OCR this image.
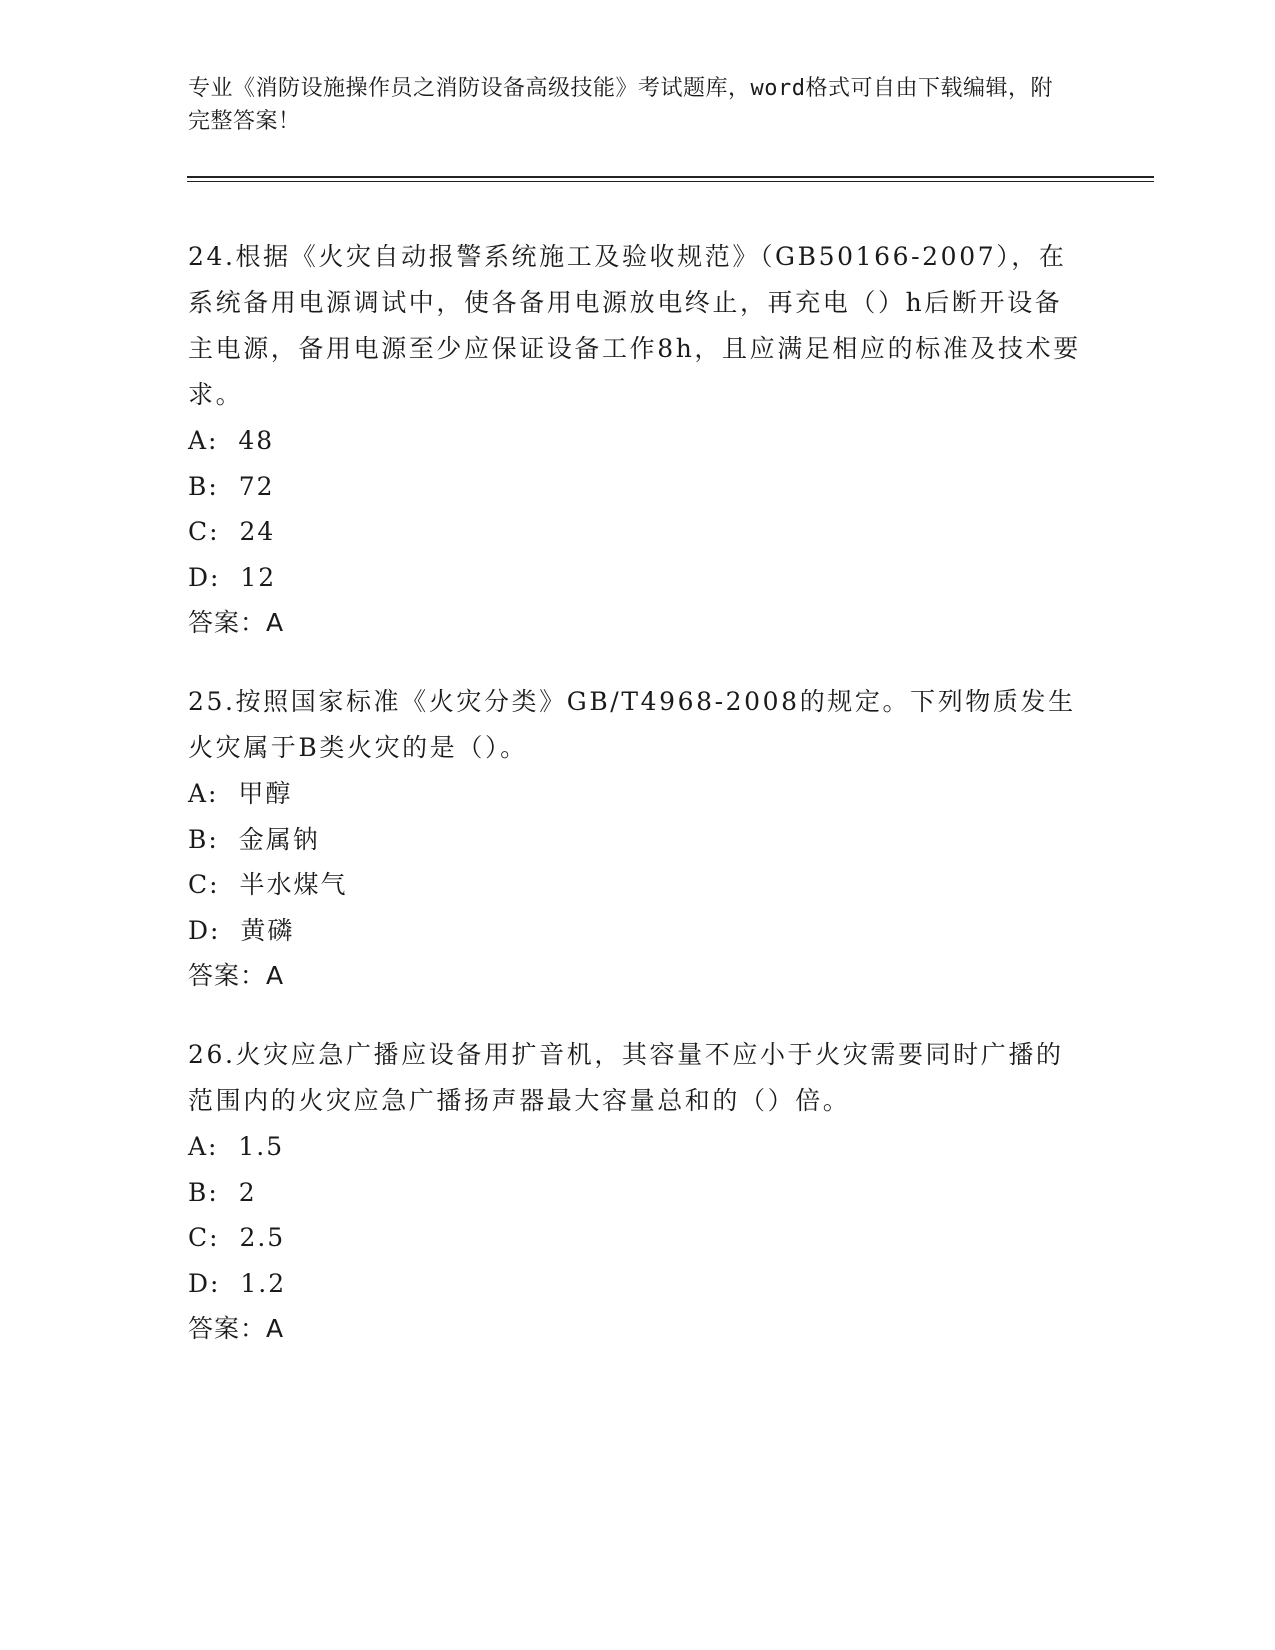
专业《消防设施操作员之消防设备高级技能》考试题库，word格式可自由下载编辑，附完整答案！

24.根据《火灾自动报警系统施工及验收规范》（GB50166-2007），在系统备用电源调试中，使各备用电源放电终止，再充电（）h后断开设备主电源，备用电源至少应保证设备工作8h，且应满足相应的标准及技术要求。

A:  48

B:  72

C:  24

D:  12

答案：A

25.按照国家标准《火灾分类》GB/T4968-2008的规定。下列物质发生火灾属于B类火灾的是（）。

A:  甲醇

B:  金属钠

C:  半水煤气

D:  黄磷

答案：A

26.火灾应急广播应设备用扩音机，其容量不应小于火灾需要同时广播的范围内的火灾应急广播扬声器最大容量总和的（）倍。

A:  1.5

B:  2

C:  2.5

D:  1.2

答案：A
